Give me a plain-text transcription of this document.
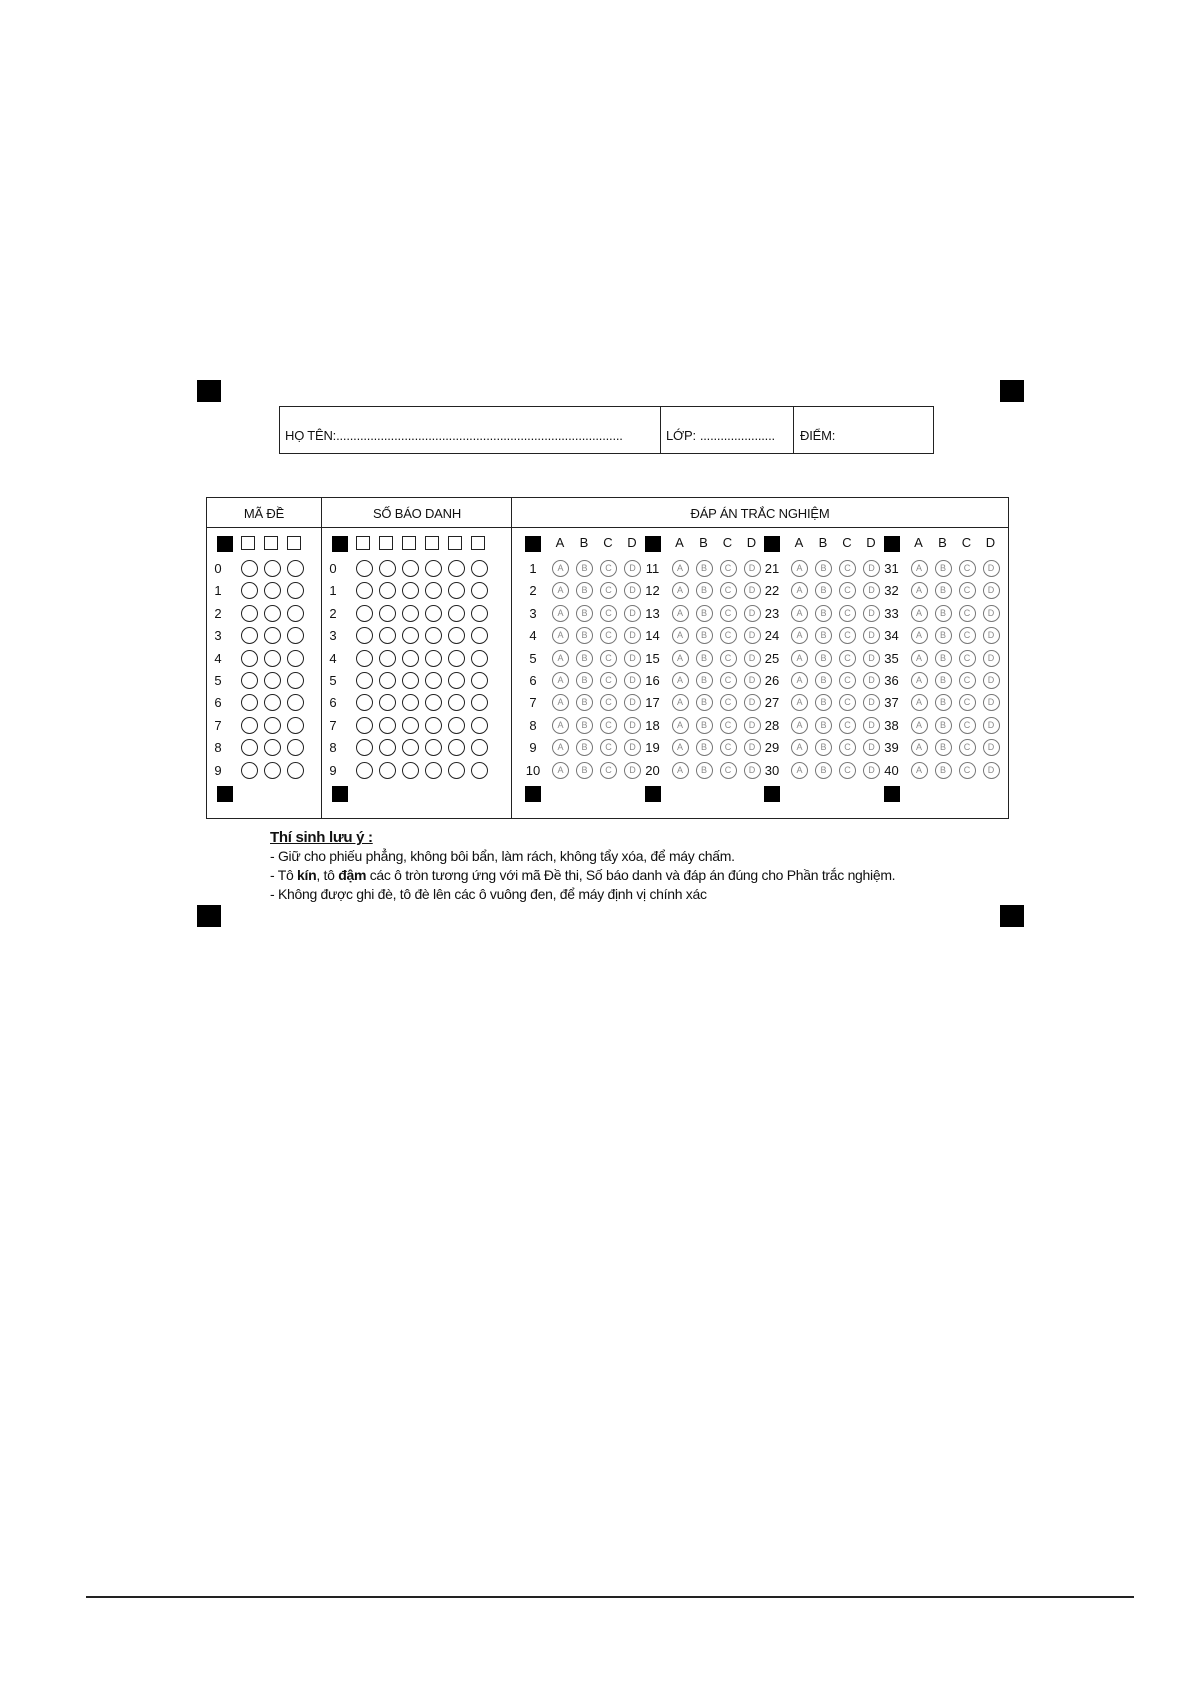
HỌ TÊN: ....................................................................................	LỚP: ...................... ĐIỂM:
MÃ ĐỀ
0
1
2
3
4
5
6
7
8
9
SỐ BÁO DANH
0
1
2
3
4
5
6
7
8
9
ĐÁP ÁN TRẮC NGHIỆM
A	B	C	D
1	A	B	C	D
2	A	B	C	D
3	A	B	C	D
4	A	B	C	D
5	A	B	C	D
6	A	B	C	D
7	A	B	C	D
8	A	B	C	D
9	A	B	C	D
10	A	B	C	D
A	B	C	D
11	A	B	C	D
12	A	B	C	D
13	A	B	C	D
14	A	B	C	D
15	A	B	C	D
16	A	B	C	D
17	A	B	C	D
18	A	B	C	D
19	A	B	C	D
20	A	B	C	D
A	B	C	D
21	A	B	C	D
22	A	B	C	D
23	A	B	C	D
24	A	B	C	D
25	A	B	C	D
26	A	B	C	D
27	A	B	C	D
28	A	B	C	D
29	A	B	C	D
30	A	B	C	D
A	B	C	D
31	A	B	C	D
32	A	B	C	D
33	A	B	C	D
34	A	B	C	D
35	A	B	C	D
36	A	B	C	D
37	A	B	C	D
38	A	B	C	D
39	A	B	C	D
40	A	B	C	D

Thí sinh lưu ý :

- Giữ cho phiếu phẳng, không bôi bẩn, làm rách, không tẩy xóa, để máy chấm.

- Tô kín, tô đậm các ô tròn tương ứng với mã Đề thi, Số báo danh và đáp án đúng cho Phần trắc nghiệm.

- Không được ghi đè, tô đè lên các ô vuông đen, để máy định vị chính xác
